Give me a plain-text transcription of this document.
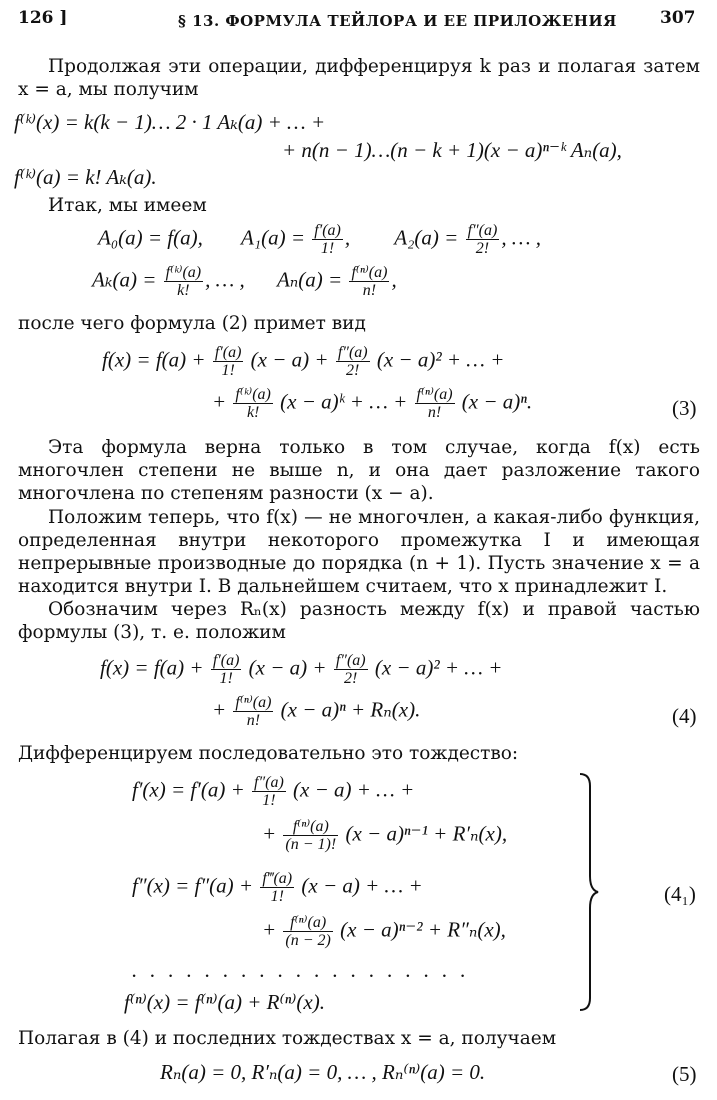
126 ]	§ 13. ФОРМУЛА ТЕЙЛОРА И ЕЕ ПРИЛОЖЕНИЯ	307
Продолжая эти операции, дифференцируя k раз и полагая затем x = a, мы получим
f⁽ᵏ⁾(x) = k(k − 1)… 2 · 1 Aₖ(a) + … +
+ n(n − 1)…(n − k + 1)(x − a)ⁿ⁻ᵏ Aₙ(a),
f⁽ᵏ⁾(a) = k! Aₖ(a).
Итак, мы имеем
A₀(a) = f(a), $A_1(a) = \frac{f'(a)}{1!}$ , $A_2(a) = \frac{f''(a)}{2!}$ , … ,
$A_k(a) = \frac{\text{f⁽ᵏ⁾(a)}}{k!}$ , … , $A_n(a) = \frac{\text{f⁽ⁿ⁾(a)}}{n!}$ ,
после чего формула (2) примет вид
$f(x) = f(a) + \frac{f'(a)}{1!} (x - a) + \frac{f''(a)}{2!} (x - a)^2$ + … +
+ $\frac{\text{f⁽ᵏ⁾(a)}}{k!} (x$ − a)ᵏ + … + $\frac{\text{f⁽ⁿ⁾(a)}}{n!} (x - a)^n$.	(3)
Эта формула верна только в том случае, когда f(x) есть многочлен степени не выше n, и она дает разложение такого многочлена по степеням разности (x − a).
Положим теперь, что f(x) — не многочлен, а какая-либо функция, определенная внутри некоторого промежутка I и имеющая непрерывные производные до порядка (n + 1). Пусть значение x = a находится внутри I. В дальнейшем считаем, что x принадлежит I.
Обозначим через Rₙ(x) разность между f(x) и правой частью формулы (3), т. е. положим
$f(x) = f(a) + \frac{f'(a)}{1!} (x - a) + \frac{f''(a)}{2!} (x - a)^2$ + … +
+ $\frac{\text{f⁽ⁿ⁾(a)}}{n!} (x - a)^n + R_n(x)$.	(4)
Дифференцируем последовательно это тождество:
$f'(x) = f'(a) + \frac{f''(a)}{1!} (x - a)$ + … +
+ $\frac{\text{f⁽ⁿ⁾(a)}}{(n - 1)!} (x - a)^{n-1} + R'_n(x)$,
$f''(x) = f''(a) + \frac{f‴(a)}{1!} (x - a)$ + … +
+ $\frac{\text{f⁽ⁿ⁾(a)}}{(n - 2)} (x - a)^{n-2} + R''_n(x)$,
...................
f⁽ⁿ⁾(x) = f⁽ⁿ⁾(a) + R⁽ⁿ⁾(x).
(4₁)
Полагая в (4) и последних тождествах x = a, получаем
Rₙ(a) = 0, R′ₙ(a) = 0, … , Rₙ⁽ⁿ⁾(a) = 0.	(5)
